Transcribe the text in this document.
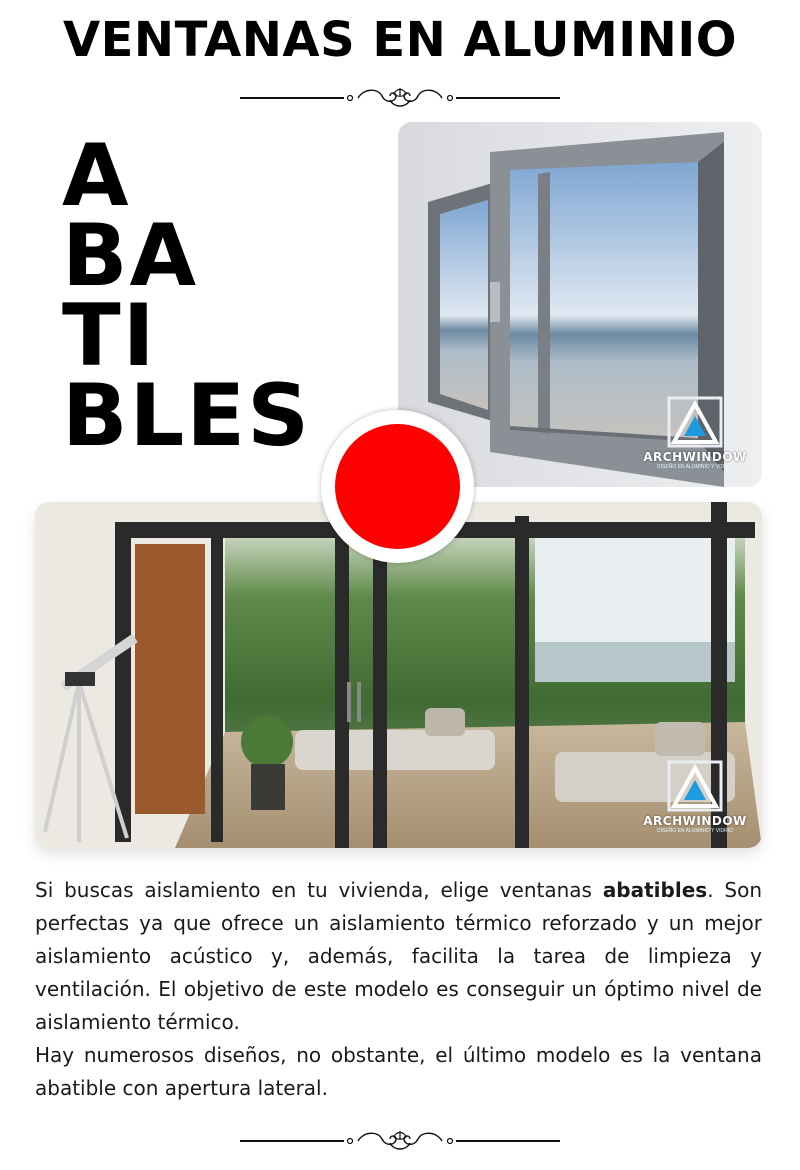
VENTANAS EN ALUMINIO
A
BA
TI
BLES	ARCHWINDOW
DISEÑO EN ALUMINIO Y VIDRIO
ARCHWINDOW
DISEÑO EN ALUMINIO Y VIDRIO

Si buscas aislamiento en tu vivienda, elige ventanas abatibles. Son perfectas ya que ofrece un aislamiento térmico reforzado y un mejor aislamiento acústico y, además, facilita la tarea de limpieza y ventilación. El objetivo de este modelo es conseguir un óptimo nivel de aislamiento térmico.

Hay numerosos diseños, no obstante, el último modelo es la ventana abatible con apertura lateral.
